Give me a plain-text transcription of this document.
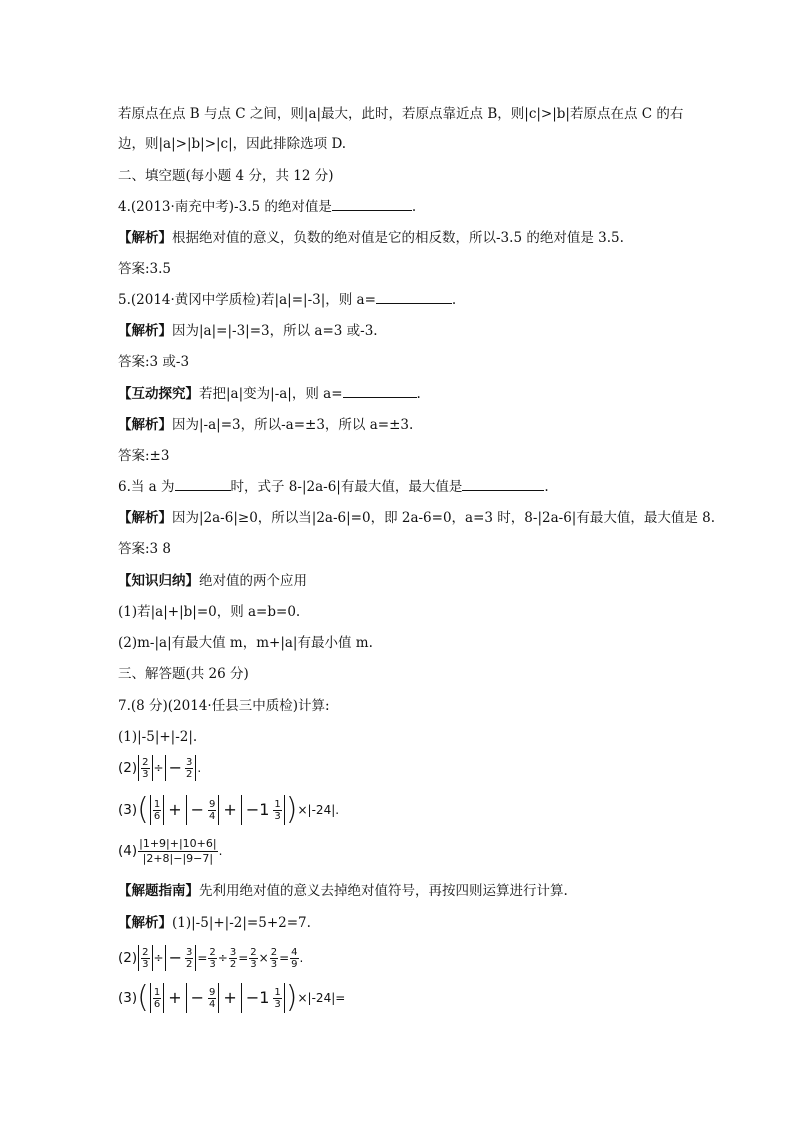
若原点在点 B 与点 C 之间，则|a|最大，此时，若原点靠近点 B，则|c|>|b|若原点在点 C 的右
边，则|a|>|b|>|c|，因此排除选项 D.
二、填空题(每小题 4 分，共 12 分)
4.(2013·南充中考)-3.5 的绝对值是	.
【解析】根据绝对值的意义，负数的绝对值是它的相反数，所以-3.5 的绝对值是 3.5.
答案:3.5
5.(2014·黄冈中学质检)若|a|=|-3|，则 a=	.
【解析】因为|a|=|-3|=3，所以 a=3 或-3.
答案:3 或-3
【互动探究】若把|a|变为|-a|，则 a=	.
【解析】因为|-a|=3，所以-a=±3，所以 a=±3.
答案:±3
6.当 a 为	时，式子 8-|2a-6|有最大值，最大值是	.
【解析】因为|2a-6|≥0，所以当|2a-6|=0，即 2a-6=0，a=3 时，8-|2a-6|有最大值，最大值是 8.
答案:3 8
【知识归纳】绝对值的两个应用
(1)若|a|+|b|=0，则 a=b=0.
(2)m-|a|有最大值 m，m+|a|有最小值 m.
三、解答题(共 26 分)
7.(8 分)(2014·任县三中质检)计算:
(1)|-5|+|-2|.
$(2) \frac{2}{3}$ ÷ − $\frac{3}{2}$ .
$(3)( \frac{1}{6}$ + − $\frac{9}{4} + -1 \frac{1}{3} )\times|-24|$.
$(4) \frac{|1+9|+|10+6|}{|2+8|-|9-7|}$ .
【解题指南】先利用绝对值的意义去掉绝对值符号，再按四则运算进行计算.
【解析】(1)|-5|+|-2|=5+2=7.
$(2) \frac{2}{3}$ ÷ − $\frac{3}{2} = \frac{2}{3} \div \frac{3}{2} = \frac{2}{3} \times \frac{2}{3} = \frac{4}{9}$ .
$(3)( \frac{1}{6}$ + − $\frac{9}{4} + -1 \frac{1}{3} )\times|-24|=$
